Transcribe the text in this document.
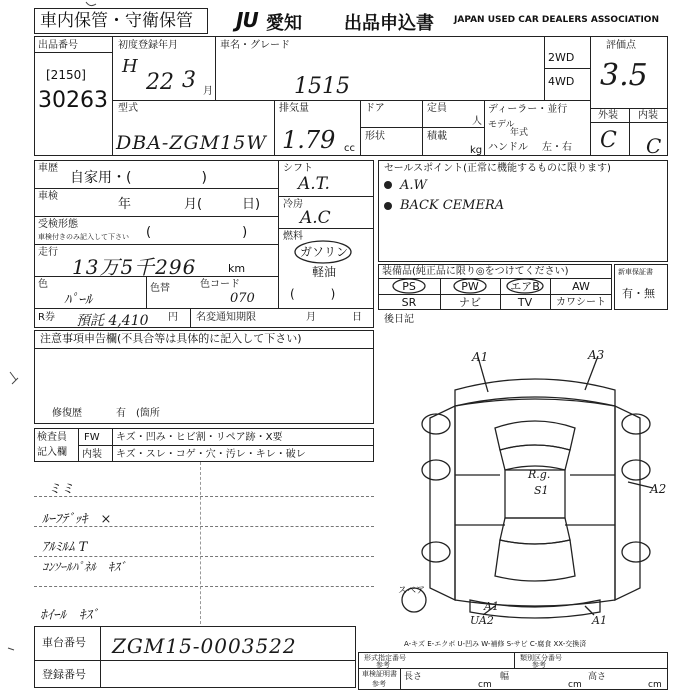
車内保管・守衛保管 JU 愛知 出品申込書 JAPAN USED CAR DEALERS ASSOCIATION
出品番号
[2150]
30263
初度登録年月
H
22 3 月
車名・グレード
1515
2WD
4WD
評価点
3.5
外装 内装
C C
型式
DBA-ZGM15W
排気量
1.79 cc
ドア
形状
定員
人
積載
kg
ディーラー・並行
モデル
年式
ハンドル 左・右
車歴
自家用・(　　　　　)
車検
年	月(	日)
受検形態
車検付きのみ記入して下さい (　　　　　　　)
走行
13万5千296	km
色
ﾊﾟｰﾙ
色替	色コード
070
シフト
A.T.
冷房
A.C
燃料
ガソリン
軽油
(　　　)
R券 預託 4,410 円 名変通知期限	月	日
セールスポイント(正常に機能するものに限ります)
A.W
BACK CEMERA
装備品(純正品に限り◎をつけてください)
PS	PW	エアB	AW
SR	ナビ	TV	カワシート
新車保証書
有・無
注意事項申告欄(不具合等は具体的に記入して下さい)
修復歴	有　(箇所
検査員
記入欄
FW キズ・凹み・ヒビ割・リペア跡・X要
内装 キズ・スレ・コゲ・穴・汚レ・キレ・破レ
ミミ
ﾙｰﾌﾃﾞｯｷ　×
ｱﾙﾐﾙﾑ T
ｺﾝｿｰﾙﾊﾟﾈﾙ　ｷｽﾞ
ﾎｲｰﾙ　ｷｽﾞ
車台番号 ZGM15-0003522
登録番号
後日記
A1	A3
A2
A1
UA2	A1
R.g.
S1
スペア
A-キズ E-エクボ U-凹み W-補修 S-サビ C-腐食 XX-交換済
形式指定番号
参考
類別区分番号
参考
車検証明書
参考
長さ
cm
幅
cm
高さ
cm
